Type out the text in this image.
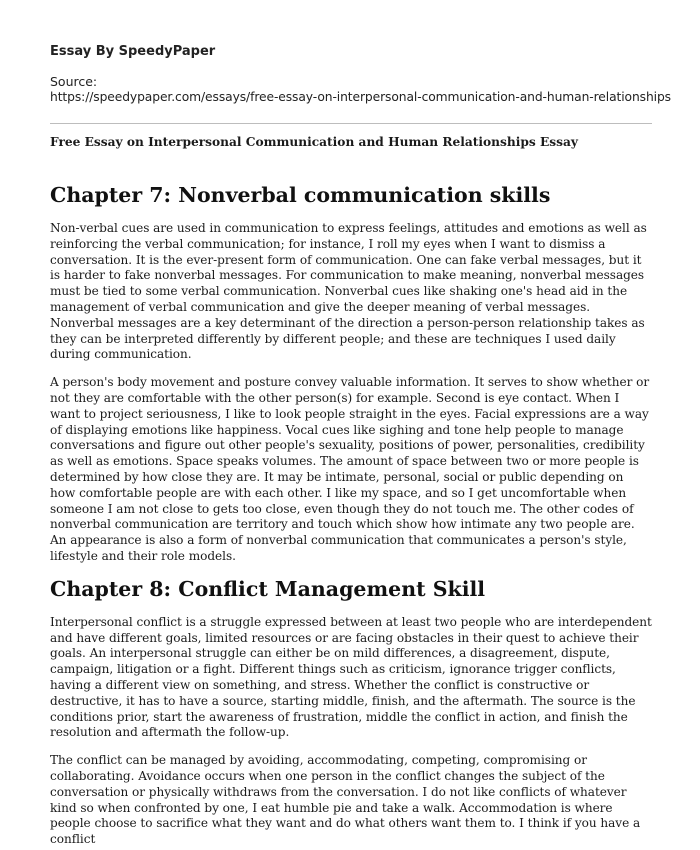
Essay By SpeedyPaper
Source:
https://speedypaper.com/essays/free-essay-on-interpersonal-communication-and-human-relationships
Free Essay on Interpersonal Communication and Human Relationships Essay
Chapter 7: Nonverbal communication skills

Non-verbal cues are used in communication to express feelings, attitudes and emotions as well as reinforcing the verbal communication; for instance, I roll my eyes when I want to dismiss a conversation. It is the ever-present form of communication. One can fake verbal messages, but it is harder to fake nonverbal messages. For communication to make meaning, nonverbal messages must be tied to some verbal communication. Nonverbal cues like shaking one's head aid in the management of verbal communication and give the deeper meaning of verbal messages. Nonverbal messages are a key determinant of the direction a person-person relationship takes as they can be interpreted differently by different people; and these are techniques I used daily during communication.

A person's body movement and posture convey valuable information. It serves to show whether or not they are comfortable with the other person(s) for example. Second is eye contact. When I want to project seriousness, I like to look people straight in the eyes. Facial expressions are a way of displaying emotions like happiness. Vocal cues like sighing and tone help people to manage conversations and figure out other people's sexuality, positions of power, personalities, credibility as well as emotions. Space speaks volumes. The amount of space between two or more people is determined by how close they are. It may be intimate, personal, social or public depending on how comfortable people are with each other. I like my space, and so I get uncomfortable when someone I am not close to gets too close, even though they do not touch me. The other codes of nonverbal communication are territory and touch which show how intimate any two people are. An appearance is also a form of nonverbal communication that communicates a person's style, lifestyle and their role models.

Chapter 8: Conflict Management Skill

Interpersonal conflict is a struggle expressed between at least two people who are interdependent and have different goals, limited resources or are facing obstacles in their quest to achieve their goals. An interpersonal struggle can either be on mild differences, a disagreement, dispute, campaign, litigation or a fight. Different things such as criticism, ignorance trigger conflicts, having a different view on something, and stress. Whether the conflict is constructive or destructive, it has to have a source, starting middle, finish, and the aftermath. The source is the conditions prior, start the awareness of frustration, middle the conflict in action, and finish the resolution and aftermath the follow-up.

The conflict can be managed by avoiding, accommodating, competing, compromising or collaborating. Avoidance occurs when one person in the conflict changes the subject of the conversation or physically withdraws from the conversation. I do not like conflicts of whatever kind so when confronted by one, I eat humble pie and take a walk. Accommodation is where people choose to sacrifice what they want and do what others want them to. I think if you have a conflict
